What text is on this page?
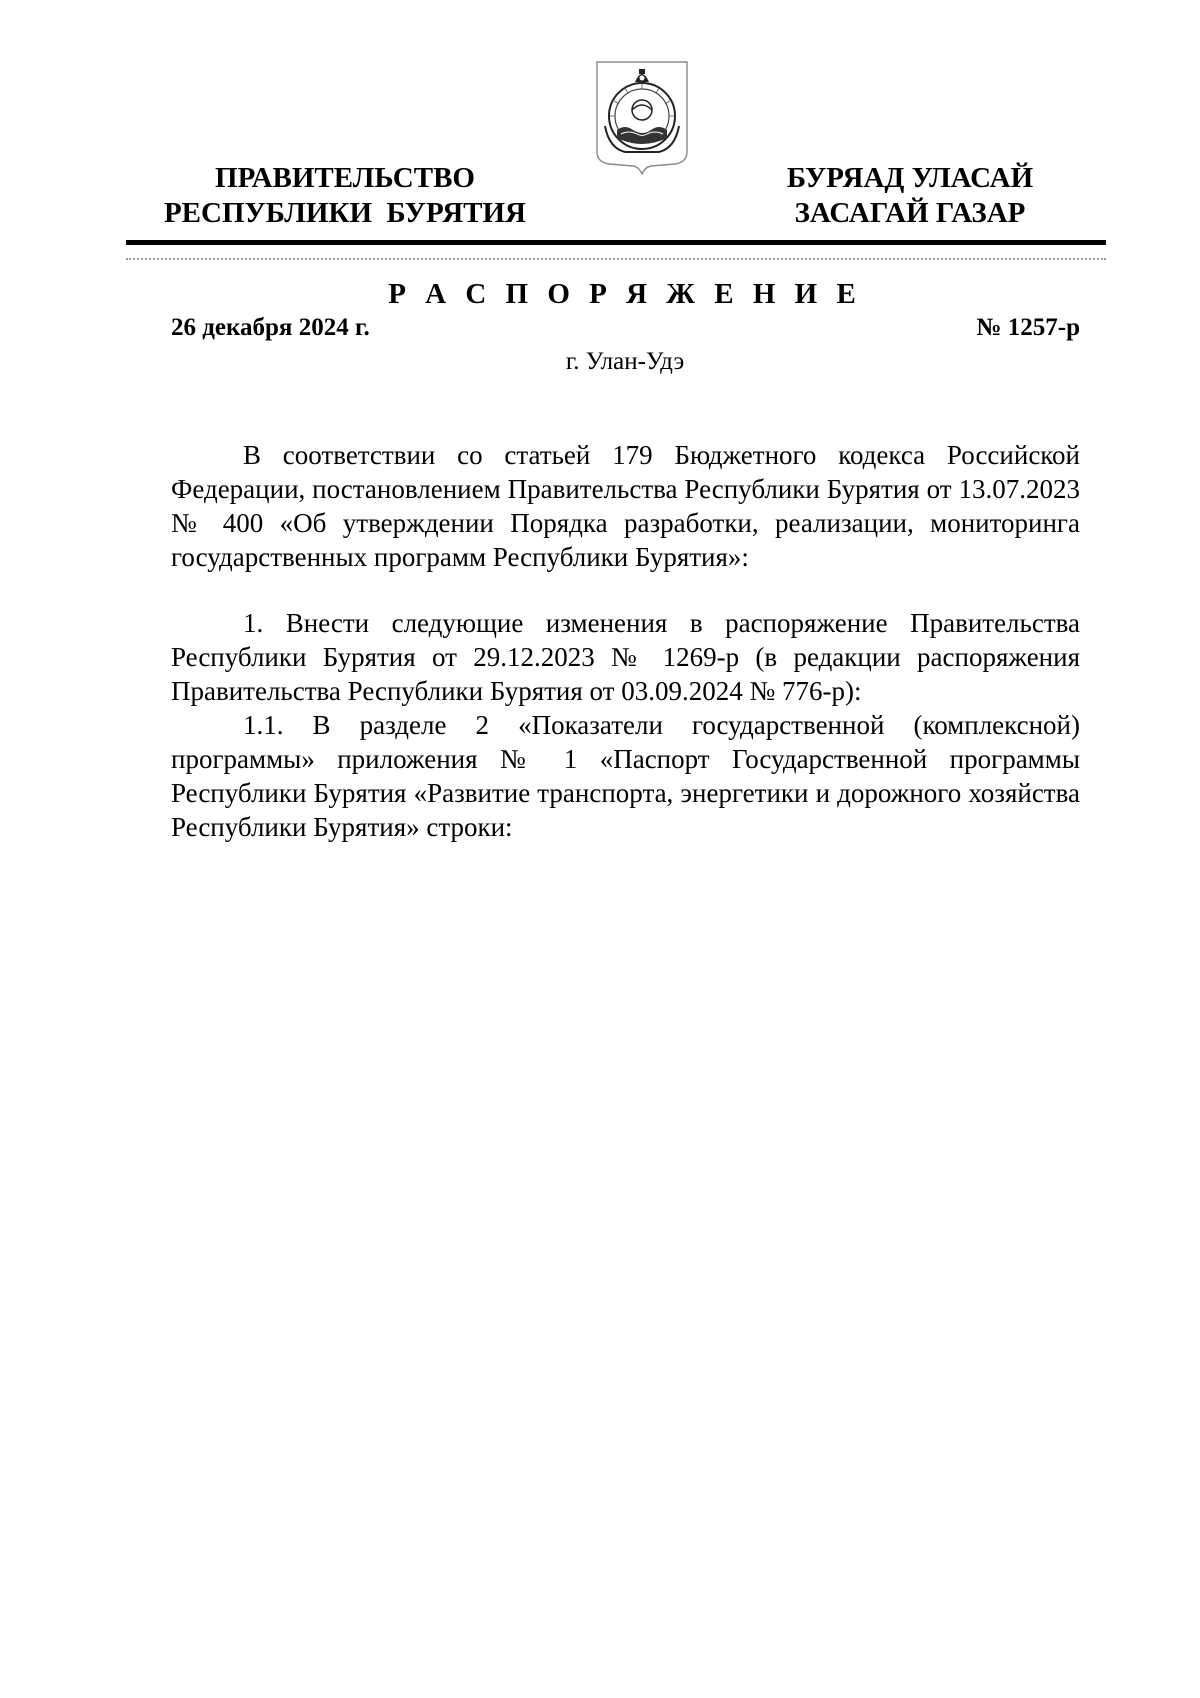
ПРАВИТЕЛЬСТВО
РЕСПУБЛИКИ  БУРЯТИЯ
БУРЯАД УЛАСАЙ
ЗАСАГАЙ ГАЗАР
Р А С П О Р Я Ж Е Н И Е
26 декабря 2024 г.	№ 1257-р
г. Улан-Удэ

В соответствии со статьей 179 Бюджетного кодекса Российской Федерации, постановлением Правительства Республики Бурятия от 13.07.2023 № 400 «Об утверждении Порядка разработки, реализации, мониторинга государственных программ Республики Бурятия»:

1. Внести следующие изменения в распоряжение Правительства Республики Бурятия от 29.12.2023 № 1269-р (в редакции распоряжения Правительства Республики Бурятия от 03.09.2024 № 776-р):

1.1. В разделе 2 «Показатели государственной (комплексной) программы» приложения № 1 «Паспорт Государственной программы Республики Бурятия «Развитие транспорта, энергетики и дорожного хозяйства Республики Бурятия» строки:
